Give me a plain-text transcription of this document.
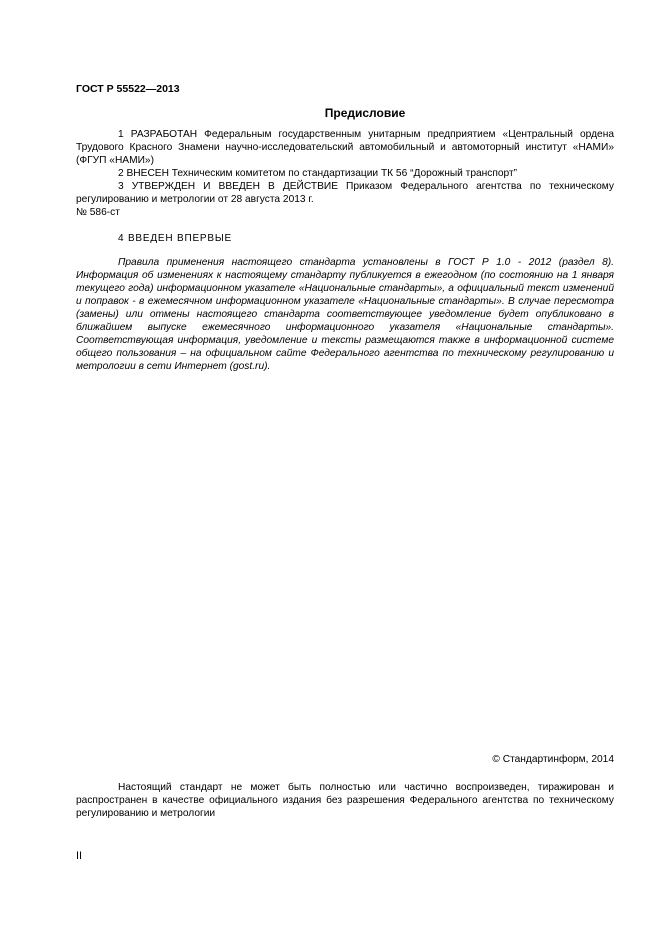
ГОСТ Р 55522—2013
Предисловие

1 РАЗРАБОТАН Федеральным государственным унитарным предприятием «Центральный ордена Трудового Красного Знамени научно-исследовательский автомобильный и автомоторный институт «НАМИ» (ФГУП «НАМИ»)

2 ВНЕСЕН Техническим комитетом по стандартизации ТК 56 “Дорожный транспорт”

3 УТВЕРЖДЕН И ВВЕДЕН В ДЕЙСТВИЕ Приказом Федерального агентства по техническому регулированию и метрологии от 28 августа 2013 г.

№ 586-ст

4 ВВЕДЕН ВПЕРВЫЕ

Правила применения настоящего стандарта установлены в ГОСТ Р 1.0 - 2012 (раздел 8). Информация об изменениях к настоящему стандарту публикуется в ежегодном (по состоянию на 1 января текущего года) информационном указателе «Национальные стандарты», а официальный текст изменений и поправок - в ежемесячном информационном указателе «Национальные стандарты». В случае пересмотра (замены) или отмены настоящего стандарта соответствующее уведомление будет опубликовано в ближайшем выпуске ежемесячного информационного указателя «Национальные стандарты». Соответствующая информация, уведомление и тексты размещаются также в информационной системе общего пользования – на официальном сайте Федерального агентства по техническому регулированию и метрологии в сети Интернет (gost.ru).

© Стандартинформ, 2014

Настоящий стандарт не может быть полностью или частично воспроизведен, тиражирован и распространен в качестве официального издания без разрешения Федерального агентства по техническому регулированию и метрологии

II
